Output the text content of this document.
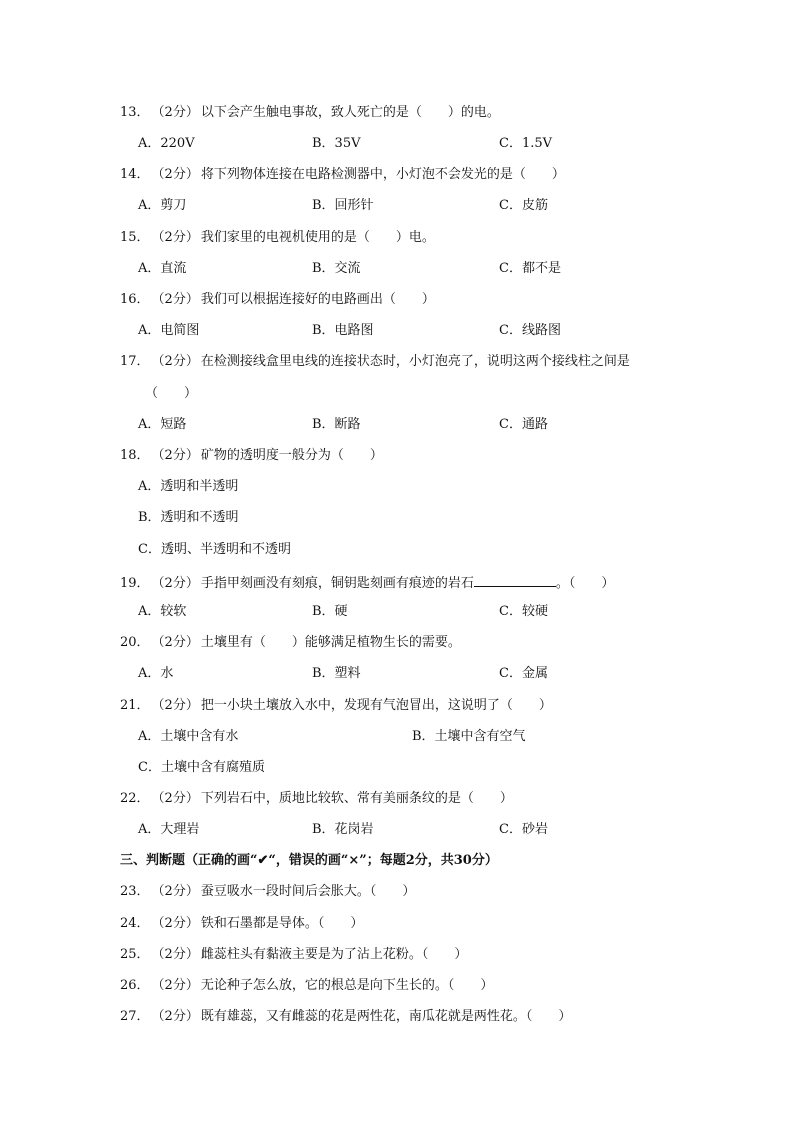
13． （2分） 以下会产生触电事故，致人死亡的是（　　）的电。
A．220V	B．35V	C．1.5V
14． （2分） 将下列物体连接在电路检测器中，小灯泡不会发光的是（　　）
A．剪刀	B．回形针	C．皮筋
15． （2分） 我们家里的电视机使用的是（　　）电。
A．直流	B．交流	C．都不是
16． （2分） 我们可以根据连接好的电路画出（　　）
A．电简图	B．电路图	C．线路图
17． （2分） 在检测接线盒里电线的连接状态时，小灯泡亮了，说明这两个接线柱之间是
（　　）
A．短路	B．断路	C．通路
18． （2分） 矿物的透明度一般分为（　　）
A．透明和半透明
B．透明和不透明
C．透明、半透明和不透明
19． （2分） 手指甲刻画没有刻痕，铜钥匙刻画有痕迹的岩石	。（　　）
A．较软	B．硬	C．较硬
20． （2分） 土壤里有（　　）能够满足植物生长的需要。
A．水	B．塑料	C．金属
21． （2分） 把一小块土壤放入水中，发现有气泡冒出，这说明了（　　）
A．土壤中含有水	B．土壤中含有空气
C．土壤中含有腐殖质
22． （2分） 下列岩石中，质地比较软、常有美丽条纹的是（　　）
A．大理岩	B．花岗岩	C．砂岩
三、判断题（正确的画“✔“，错误的画“×”；每题2分，共30分）
23． （2分） 蚕豆吸水一段时间后会胀大。（　　）
24． （2分） 铁和石墨都是导体。（　　）
25． （2分） 雌蕊柱头有黏液主要是为了沾上花粉。（　　）
26． （2分） 无论种子怎么放，它的根总是向下生长的。（　　）
27． （2分） 既有雄蕊，又有雌蕊的花是两性花，南瓜花就是两性花。（　　）
